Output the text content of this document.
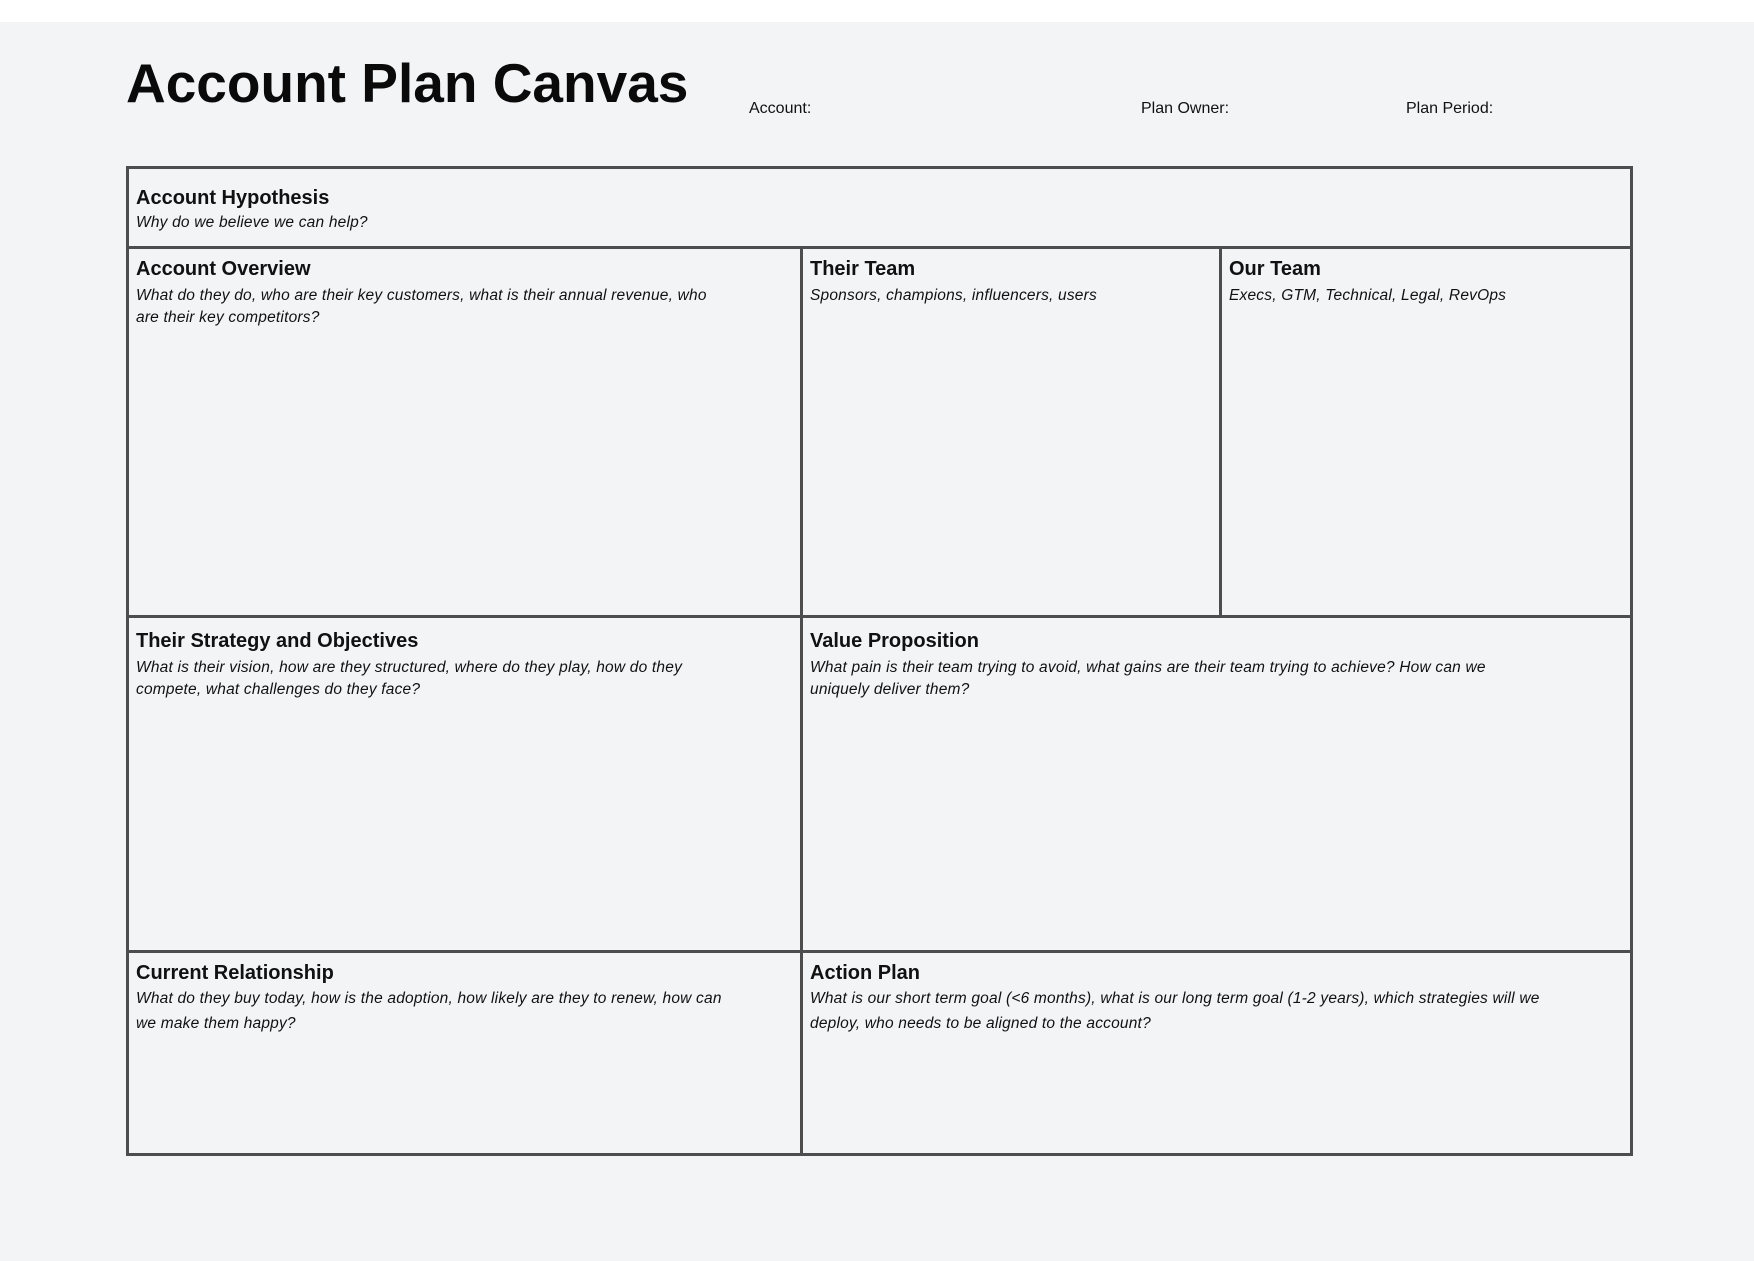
Account Plan Canvas	Account:	Plan Owner:	Plan Period:
Account Hypothesis
Why do we believe we can help?
Account Overview
What do they do, who are their key customers, what is their annual revenue, who are their key competitors?
Their Team
Sponsors, champions, influencers, users
Our Team
Execs, GTM, Technical, Legal, RevOps
Their Strategy and Objectives
What is their vision, how are they structured, where do they play, how do they compete, what challenges do they face?
Value Proposition
What pain is their team trying to avoid, what gains are their team trying to achieve? How can we uniquely deliver them?
Current Relationship
What do they buy today, how is the adoption, how likely are they to renew, how can we make them happy?
Action Plan
What is our short term goal (<6 months), what is our long term goal (1-2 years), which strategies will we deploy, who needs to be aligned to the account?
